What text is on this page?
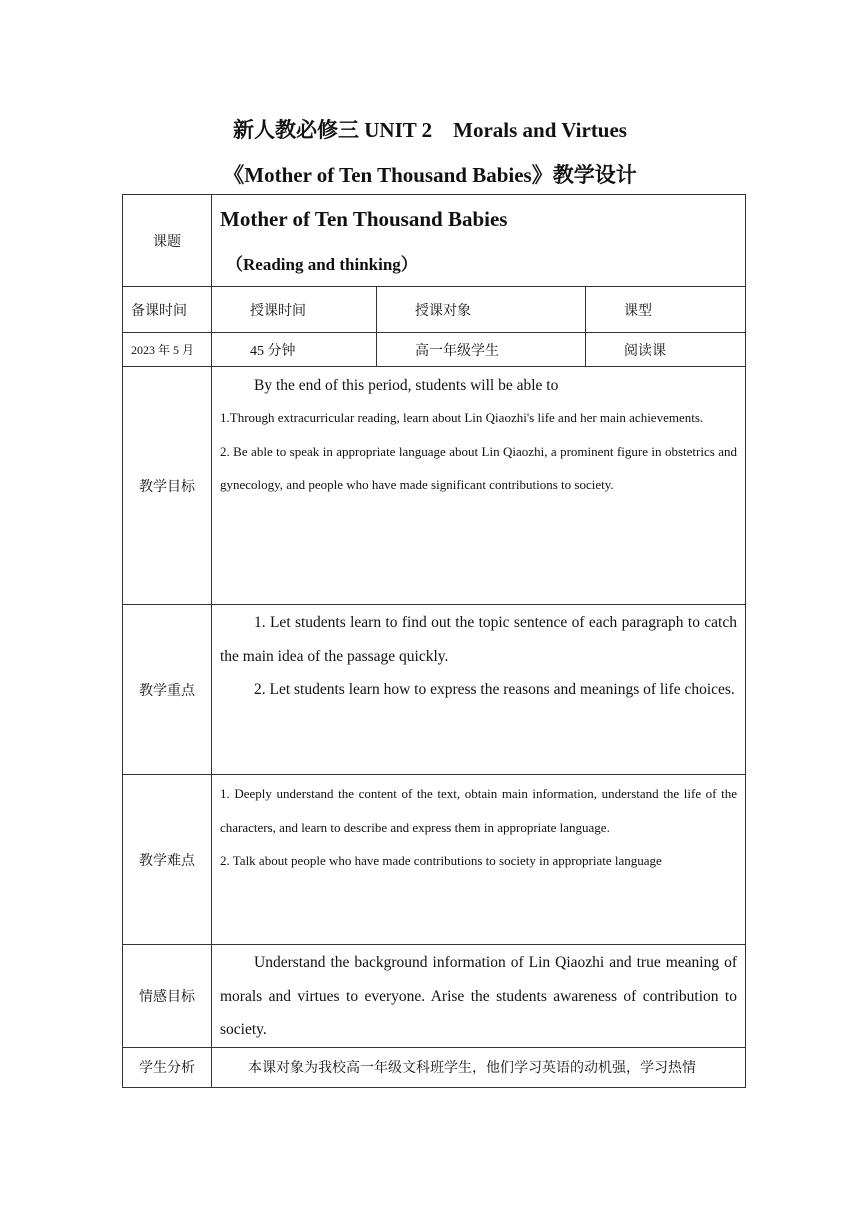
新人教必修三 UNIT 2　Morals and Virtues
《Mother of Ten Thousand Babies》教学设计
课题	Mother of Ten Thousand Babies
（Reading and thinking）		

备课时间	授课时间	授课对象	课型
2023 年 5 月	45 分钟	高一年级学生	阅读课
教学目标	By the end of this period, students will be able to
1.Through extracurricular reading, learn about Lin Qiaozhi's life and her main achievements.
2. Be able to speak in appropriate language about Lin Qiaozhi, a prominent figure in obstetrics and gynecology, and people who have made significant contributions to society.		

教学重点	1. Let students learn to find out the topic sentence of each paragraph to catch the main idea of the passage quickly.
2. Let students learn how to express the reasons and meanings of life choices.		

教学难点	1. Deeply understand the content of the text, obtain main information, understand the life of the characters, and learn to describe and express them in appropriate language.
2. Talk about people who have made contributions to society in appropriate language		

情感目标	Understand the background information of Lin Qiaozhi and true meaning of morals and virtues to everyone. Arise the students awareness of contribution to society.		

学生分析	本课对象为我校高一年级文科班学生，他们学习英语的动机强，学习热情		
